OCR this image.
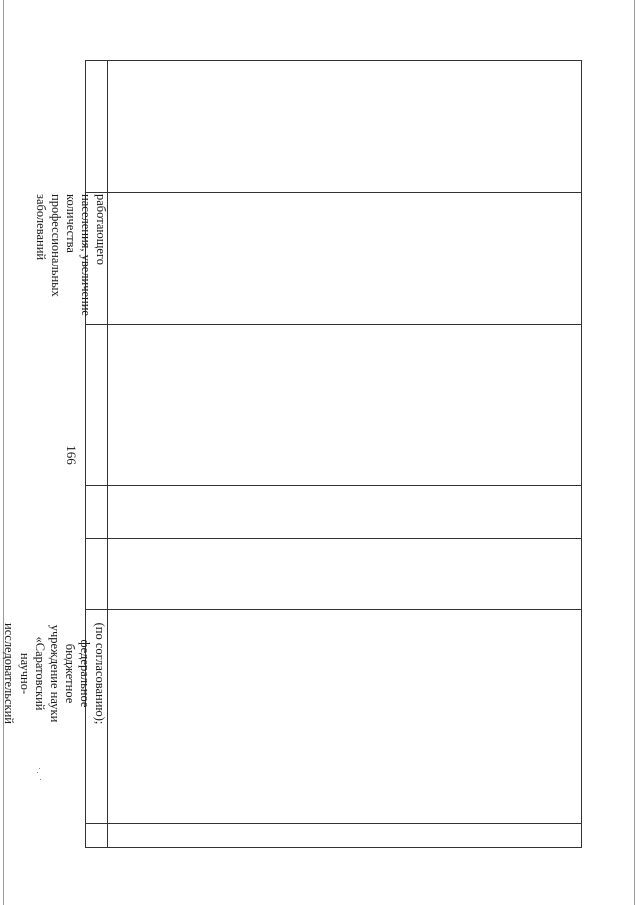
166
(по согласованию);
федеральное
бюджетное
учреждение науки
«Саратовский
научно-
исследовательский
работающего
населения, увеличение
количества
профессиональных
заболеваний
